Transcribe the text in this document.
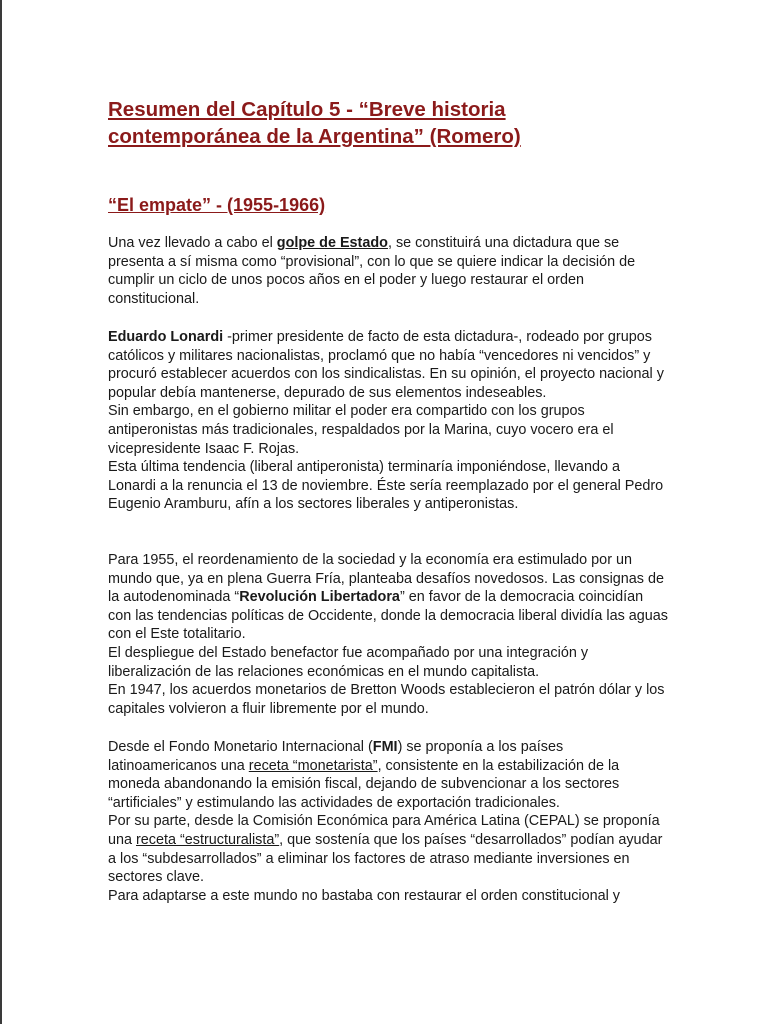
Resumen del Capítulo 5 - “Breve historia
contemporánea de la Argentina” (Romero)
“El empate” - (1955-1966)

Una vez llevado a cabo el golpe de Estado, se constituirá una dictadura que se presenta a sí misma como “provisional”, con lo que se quiere indicar la decisión de cumplir un ciclo de unos pocos años en el poder y luego restaurar el orden constitucional.

Eduardo Lonardi -primer presidente de facto de esta dictadura-, rodeado por grupos católicos y militares nacionalistas, proclamó que no había “vencedores ni vencidos” y procuró establecer acuerdos con los sindicalistas. En su opinión, el proyecto nacional y popular debía mantenerse, depurado de sus elementos indeseables.
Sin embargo, en el gobierno militar el poder era compartido con los grupos antiperonistas más tradicionales, respaldados por la Marina, cuyo vocero era el vicepresidente Isaac F. Rojas.
Esta última tendencia (liberal antiperonista) terminaría imponiéndose, llevando a Lonardi a la renuncia el 13 de noviembre. Éste sería reemplazado por el general Pedro Eugenio Aramburu, afín a los sectores liberales y antiperonistas.

Para 1955, el reordenamiento de la sociedad y la economía era estimulado por un mundo que, ya en plena Guerra Fría, planteaba desafíos novedosos. Las consignas de la autodenominada “Revolución Libertadora” en favor de la democracia coincidían con las tendencias políticas de Occidente, donde la democracia liberal dividía las aguas con el Este totalitario.
El despliegue del Estado benefactor fue acompañado por una integración y liberalización de las relaciones económicas en el mundo capitalista.
En 1947, los acuerdos monetarios de Bretton Woods establecieron el patrón dólar y los capitales volvieron a fluir libremente por el mundo.

Desde el Fondo Monetario Internacional (FMI) se proponía a los países latinoamericanos una receta “monetarista”, consistente en la estabilización de la moneda abandonando la emisión fiscal, dejando de subvencionar a los sectores “artificiales” y estimulando las actividades de exportación tradicionales.
Por su parte, desde la Comisión Económica para América Latina (CEPAL) se proponía una receta “estructuralista”, que sostenía que los países “desarrollados” podían ayudar a los “subdesarrollados” a eliminar los factores de atraso mediante inversiones en sectores clave.
Para adaptarse a este mundo no bastaba con restaurar el orden constitucional y
